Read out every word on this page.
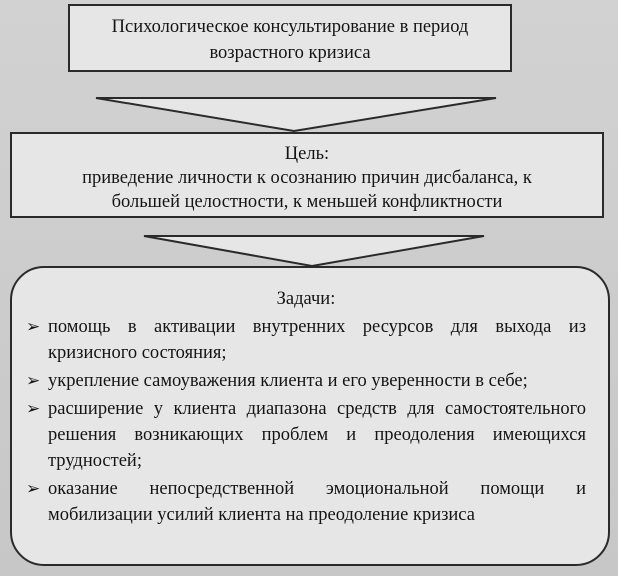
Психологическое консультирование в период
возрастного кризиса
Цель:
приведение личности к осознанию причин дисбаланса, к
большей целостности, к меньшей конфликтности
Задачи:
➢ помощь в активации внутренних ресурсов для выхода из кризисного состояния;
➢ укрепление самоуважения клиента и его уверенности в себе;
➢ расширение у клиента диапазона средств для самостоятельного решения возникающих проблем и преодоления имеющихся трудностей;
➢ оказание непосредственной эмоциональной помощи и мобилизации усилий клиента на преодоление кризиса
